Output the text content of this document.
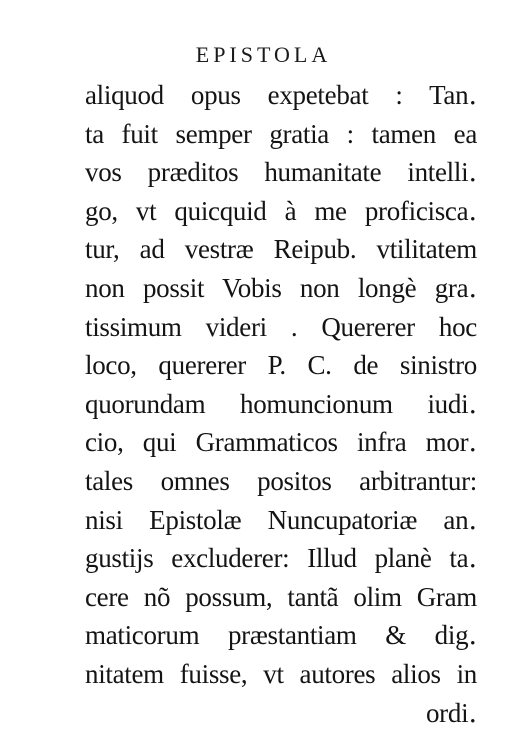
EPISTOLA
aliquod opus expetebat : Tan․
ta fuit semper gratia : tamen ea
vos præditos humanitate intelli․
go, vt quicquid à me proficisca․
tur, ad vestræ Reipub. vtilitatem
non possit Vobis non longè gra․
tissimum videri . Quererer hoc
loco, quererer P. C. de sinistro
quorundam homuncionum iudi․
cio, qui Grammaticos infra mor․
tales omnes positos arbitrantur:
nisi Epistolæ Nuncupatoriæ an․
gustijs excluderer: Illud planè ta․
cere nõ possum, tantã olim Gram
maticorum præstantiam & dig․
nitatem fuisse, vt autores alios in
ordi․
